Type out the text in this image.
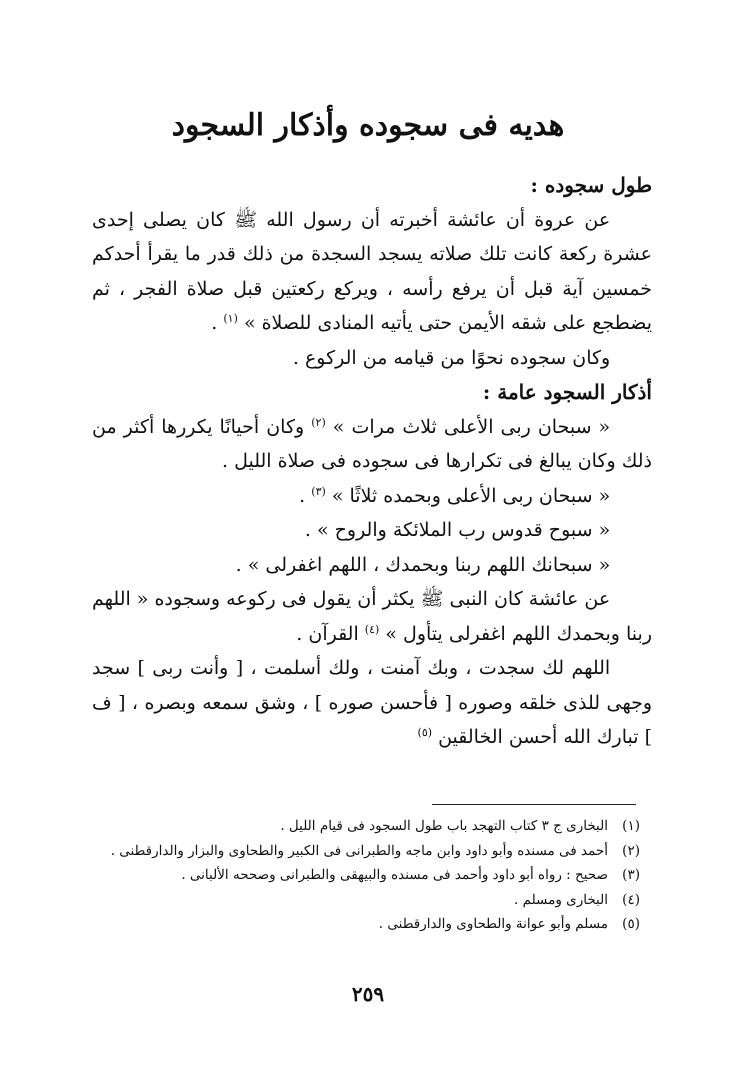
هديه فى سجوده وأذكار السجود

طول سجوده :

عن عروة أن عائشة أخبرته أن رسول الله ﷺ كان يصلى إحدى عشرة ركعة كانت تلك صلاته يسجد السجدة من ذلك قدر ما يقرأ أحدكم خمسين آية قبل أن يرفع رأسه ، ويركع ركعتين قبل صلاة الفجر ، ثم يضطجع على شقه الأيمن حتى يأتيه المنادى للصلاة » $^{(١)}$ .

وكان سجوده نحوًا من قيامه من الركوع .

أذكار السجود عامة :

« سبحان ربى الأعلى ثلاث مرات » $^{(٢)}$ وكان أحيانًا يكررها أكثر من ذلك وكان يبالغ فى تكرارها فى سجوده فى صلاة الليل .

« سبحان ربى الأعلى وبحمده ثلاثًا » $^{(٣)}$ .

« سبوح قدوس رب الملائكة والروح » .

« سبحانك اللهم ربنا وبحمدك ، اللهم اغفرلى » .

عن عائشة كان النبى ﷺ يكثر أن يقول فى ركوعه وسجوده « اللهم ربنا وبحمدك اللهم اغفرلى يتأول » $^{(٤)}$ القرآن .

اللهم لك سجدت ، وبك آمنت ، ولك أسلمت ، [ وأنت ربى ] سجد وجهى للذى خلقه وصوره [ فأحسن صوره ] ، وشق سمعه وبصره ، [ ف ] تبارك الله أحسن الخالقين $^{(٥)}$

(١)
البخارى ج ٣ كتاب التهجد باب طول السجود فى قيام الليل .
(٢)
أحمد فى مسنده وأبو داود وابن ماجه والطبرانى فى الكبير والطحاوى والبزار والدارقطنى .
(٣)
صحيح : رواه أبو داود وأحمد فى مسنده والبيهقى والطبرانى وصححه الألبانى .
(٤)
البخارى ومسلم .
(٥)
مسلم وأبو عوانة والطحاوى والدارقطنى .
٢٥٩
